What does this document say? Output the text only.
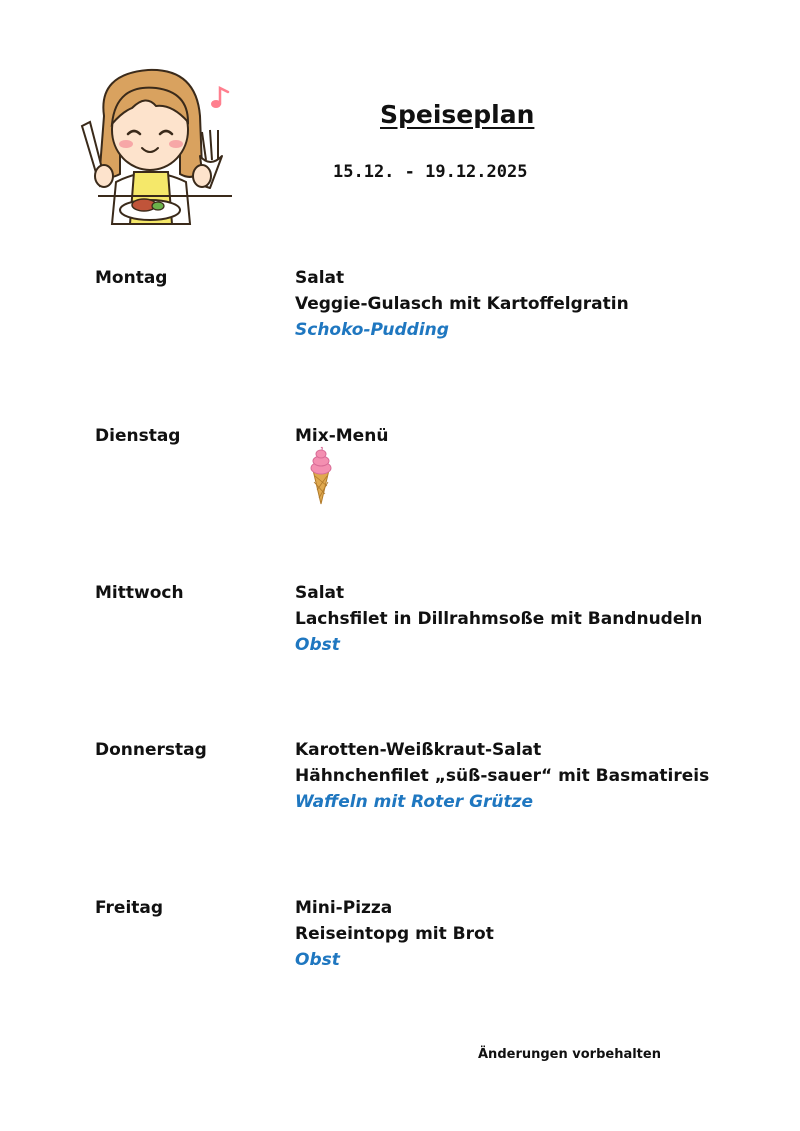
Speiseplan
15.12. - 19.12.2025
Montag	Salat
Veggie-Gulasch mit Kartoffelgratin
Schoko-Pudding
Dienstag	Mix-Menü
Mittwoch	Salat
Lachsfilet in Dillrahmsoße mit Bandnudeln
Obst
Donnerstag	Karotten-Weißkraut-Salat
Hähnchenfilet „süß-sauer“ mit Basmatireis
Waffeln mit Roter Grütze
Freitag	Mini-Pizza
Reiseintopg mit Brot
Obst
Änderungen vorbehalten
